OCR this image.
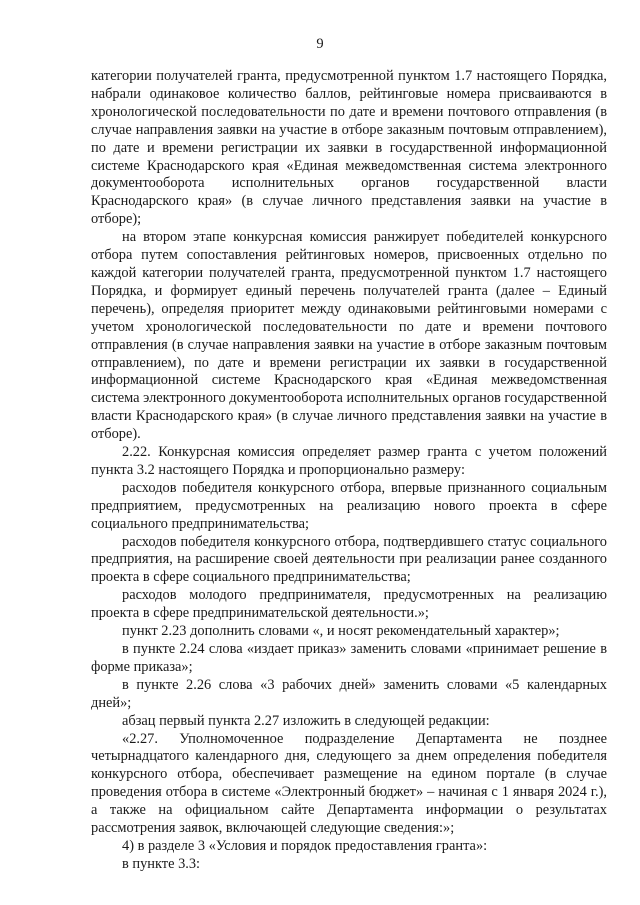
9

категории получателей гранта, предусмотренной пунктом 1.7 настоящего Порядка, набрали одинаковое количество баллов, рейтинговые номера присваиваются в хронологической последовательности по дате и времени почтового отправления (в случае направления заявки на участие в отборе заказным почтовым отправлением), по дате и времени регистрации их заявки в государственной информационной системе Краснодарского края «Единая межведомственная система электронного документооборота исполнительных органов государственной власти Краснодарского края» (в случае личного представления заявки на участие в отборе);

на втором этапе конкурсная комиссия ранжирует победителей конкурсного отбора путем сопоставления рейтинговых номеров, присвоенных отдельно по каждой категории получателей гранта, предусмотренной пунктом 1.7 настоящего Порядка, и формирует единый перечень получателей гранта (далее – Единый перечень), определяя приоритет между одинаковыми рейтинговыми номерами с учетом хронологической последовательности по дате и времени почтового отправления (в случае направления заявки на участие в отборе заказным почтовым отправлением), по дате и времени регистрации их заявки в государственной информационной системе Краснодарского края «Единая межведомственная система электронного документооборота исполнительных органов государственной власти Краснодарского края» (в случае личного представления заявки на участие в отборе).

2.22. Конкурсная комиссия определяет размер гранта с учетом положений пункта 3.2 настоящего Порядка и пропорционально размеру:

расходов победителя конкурсного отбора, впервые признанного социальным предприятием, предусмотренных на реализацию нового проекта в сфере социального предпринимательства;

расходов победителя конкурсного отбора, подтвердившего статус социального предприятия, на расширение своей деятельности при реализации ранее созданного проекта в сфере социального предпринимательства;

расходов молодого предпринимателя, предусмотренных на реализацию проекта в сфере предпринимательской деятельности.»;

пункт 2.23 дополнить словами «, и носят рекомендательный характер»;

в пункте 2.24 слова «издает приказ» заменить словами «принимает решение в форме приказа»;

в пункте 2.26 слова «3 рабочих дней» заменить словами «5 календарных дней»;

абзац первый пункта 2.27 изложить в следующей редакции:

«2.27. Уполномоченное подразделение Департамента не позднее четырнадцатого календарного дня, следующего за днем определения победителя конкурсного отбора, обеспечивает размещение на едином портале (в случае проведения отбора в системе «Электронный бюджет» – начиная с 1 января 2024 г.), а также на официальном сайте Департамента информации о результатах рассмотрения заявок, включающей следующие сведения:»;

4) в разделе 3 «Условия и порядок предоставления гранта»:

в пункте 3.3:
